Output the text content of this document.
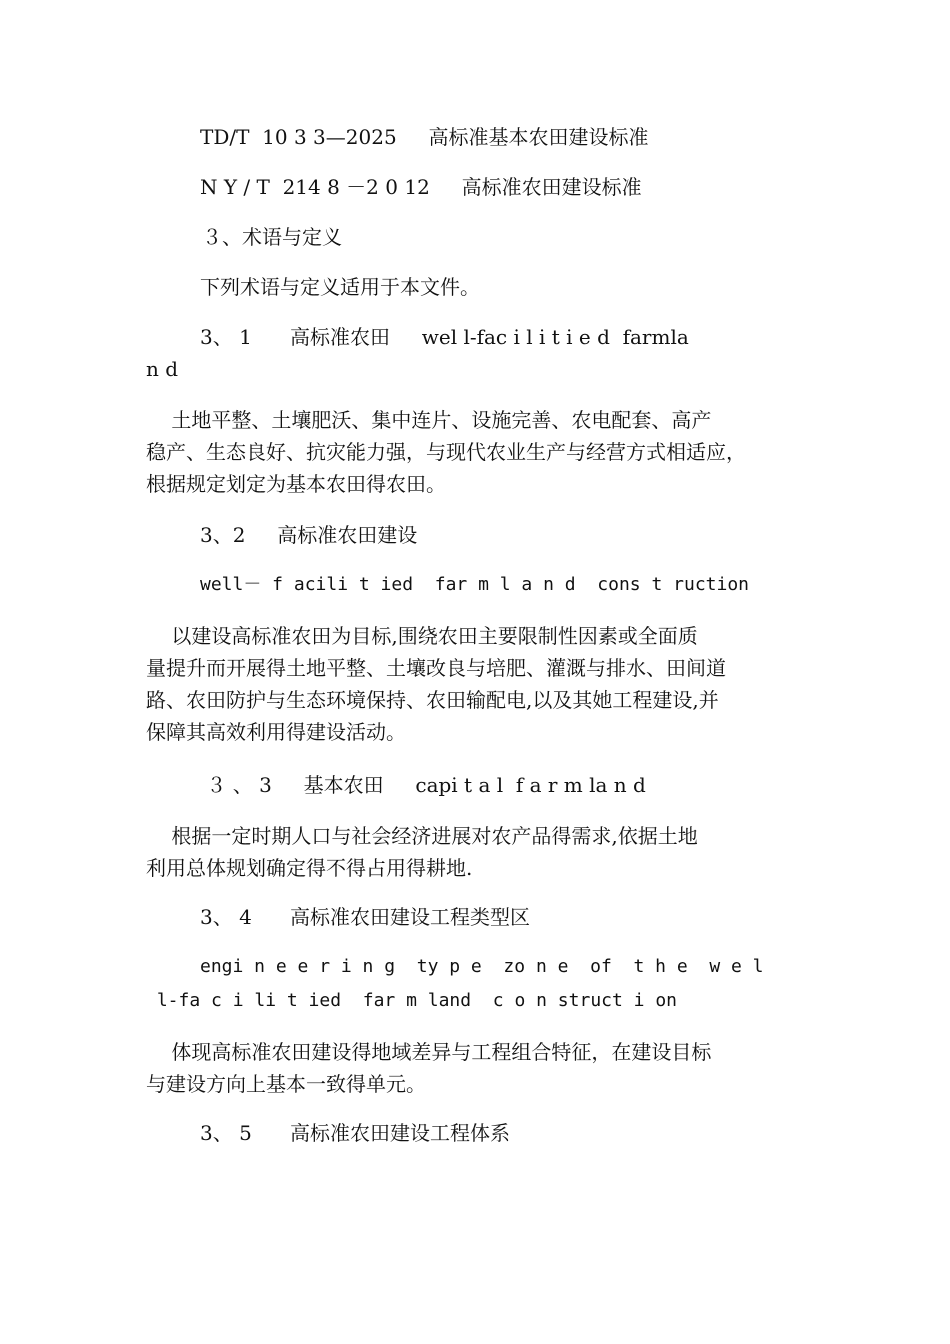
TD/T  10 3 3—2025     高标准基本农田建设标准
N Y / T  214 8 －2 0 12     高标准农田建设标准
３、术语与定义
下列术语与定义适用于本文件。
3、 1      高标准农田     wel l-fac i l i t i e d  farmla
n d
土地平整、土壤肥沃、集中连片、设施完善、农电配套、高产
稳产、生态良好、抗灾能力强，与现代农业生产与经营方式相适应，
根据规定划定为基本农田得农田。
3、2     高标准农田建设
well－ f acili t ied  far m l a n d  cons t ruction
以建设高标准农田为目标,围绕农田主要限制性因素或全面质
量提升而开展得土地平整、土壤改良与培肥、灌溉与排水、田间道
路、农田防护与生态环境保持、农田输配电,以及其她工程建设,并
保障其高效利用得建设活动。
３ 、 3     基本农田     capi t a l  f a r m la n d
根据一定时期人口与社会经济进展对农产品得需求,依据土地
利用总体规划确定得不得占用得耕地.
3、 4      高标准农田建设工程类型区
engi n e e r i n g  ty p e  zo n e  of  t h e  w e l
l-fa c i li t ied  far m land  c o n struct i on
体现高标准农田建设得地域差异与工程组合特征，在建设目标
与建设方向上基本一致得单元。
3、 5      高标准农田建设工程体系
